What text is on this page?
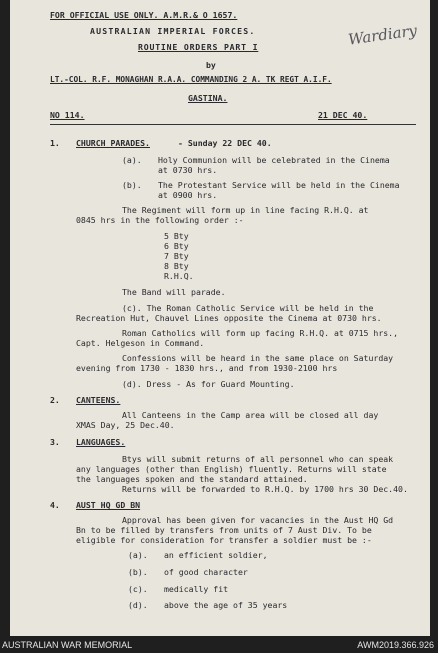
FOR OFFICIAL USE ONLY. A.M.R.& O 1657.
AUSTRALIAN IMPERIAL FORCES.
ROUTINE ORDERS PART I
by
LT.-COL. R.F. MONAGHAN R.A.A. COMMANDING 2 A. TK REGT A.I.F.
GASTINA.
NO 114.	21 DEC 40.
Wardiary
1. CHURCH PARADES.	- Sunday 22 DEC 40.
(a). Holy Communion will be celebrated in the Cinema
at 0730 hrs.
(b). The Protestant Service will be held in the Cinema
at 0900 hrs.
The Regiment will form up in line facing R.H.Q. at
0845 hrs in the following order :-
5 Bty
6 Bty
7 Bty
8 Bty
R.H.Q.
The Band will parade.
(c). The Roman Catholic Service will be held in the
Recreation Hut, Chauvel Lines opposite the Cinema at 0730 hrs.
Roman Catholics will form up facing R.H.Q. at 0715 hrs.,
Capt. Helgeson in Command.
Confessions will be heard in the same place on Saturday
evening from 1730 - 1830 hrs., and from 1930-2100 hrs
(d). Dress - As for Guard Mounting.
2. CANTEENS.
All Canteens in the Camp area will be closed all day
XMAS Day, 25 Dec.40.
3. LANGUAGES.
Btys will submit returns of all personnel who can speak
any languages (other than English) fluently. Returns will state
the languages spoken and the standard attained.
Returns will be forwarded to R.H.Q. by 1700 hrs 30 Dec.40.
4. AUST HQ GD BN
Approval has been given for vacancies in the Aust HQ Gd
Bn to be filled by transfers from units of 7 Aust Div. To be
eligible for consideration for transfer a soldier must be :-
(a). an efficient soldier,
(b). of good character
(c). medically fit
(d). above the age of 35 years
AUSTRALIAN WAR MEMORIAL	AWM2019.366.926
